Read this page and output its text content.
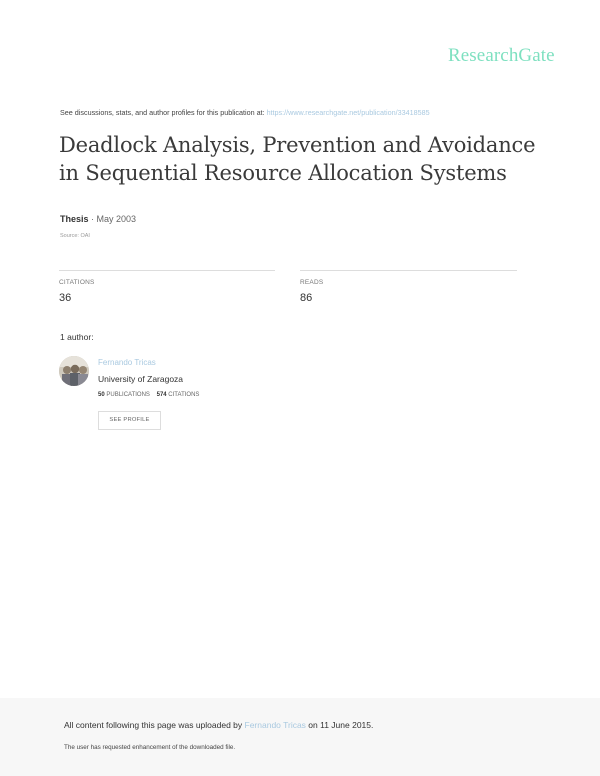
ResearchGate
See discussions, stats, and author profiles for this publication at: https://www.researchgate.net/publication/33418585
Deadlock Analysis, Prevention and Avoidance in Sequential Resource Allocation Systems
Thesis · May 2003
Source: OAI
CITATIONS
36
READS
86
1 author:
Fernando Tricas
University of Zaragoza
50 PUBLICATIONS 574 CITATIONS
SEE PROFILE
All content following this page was uploaded by Fernando Tricas on 11 June 2015.
The user has requested enhancement of the downloaded file.
